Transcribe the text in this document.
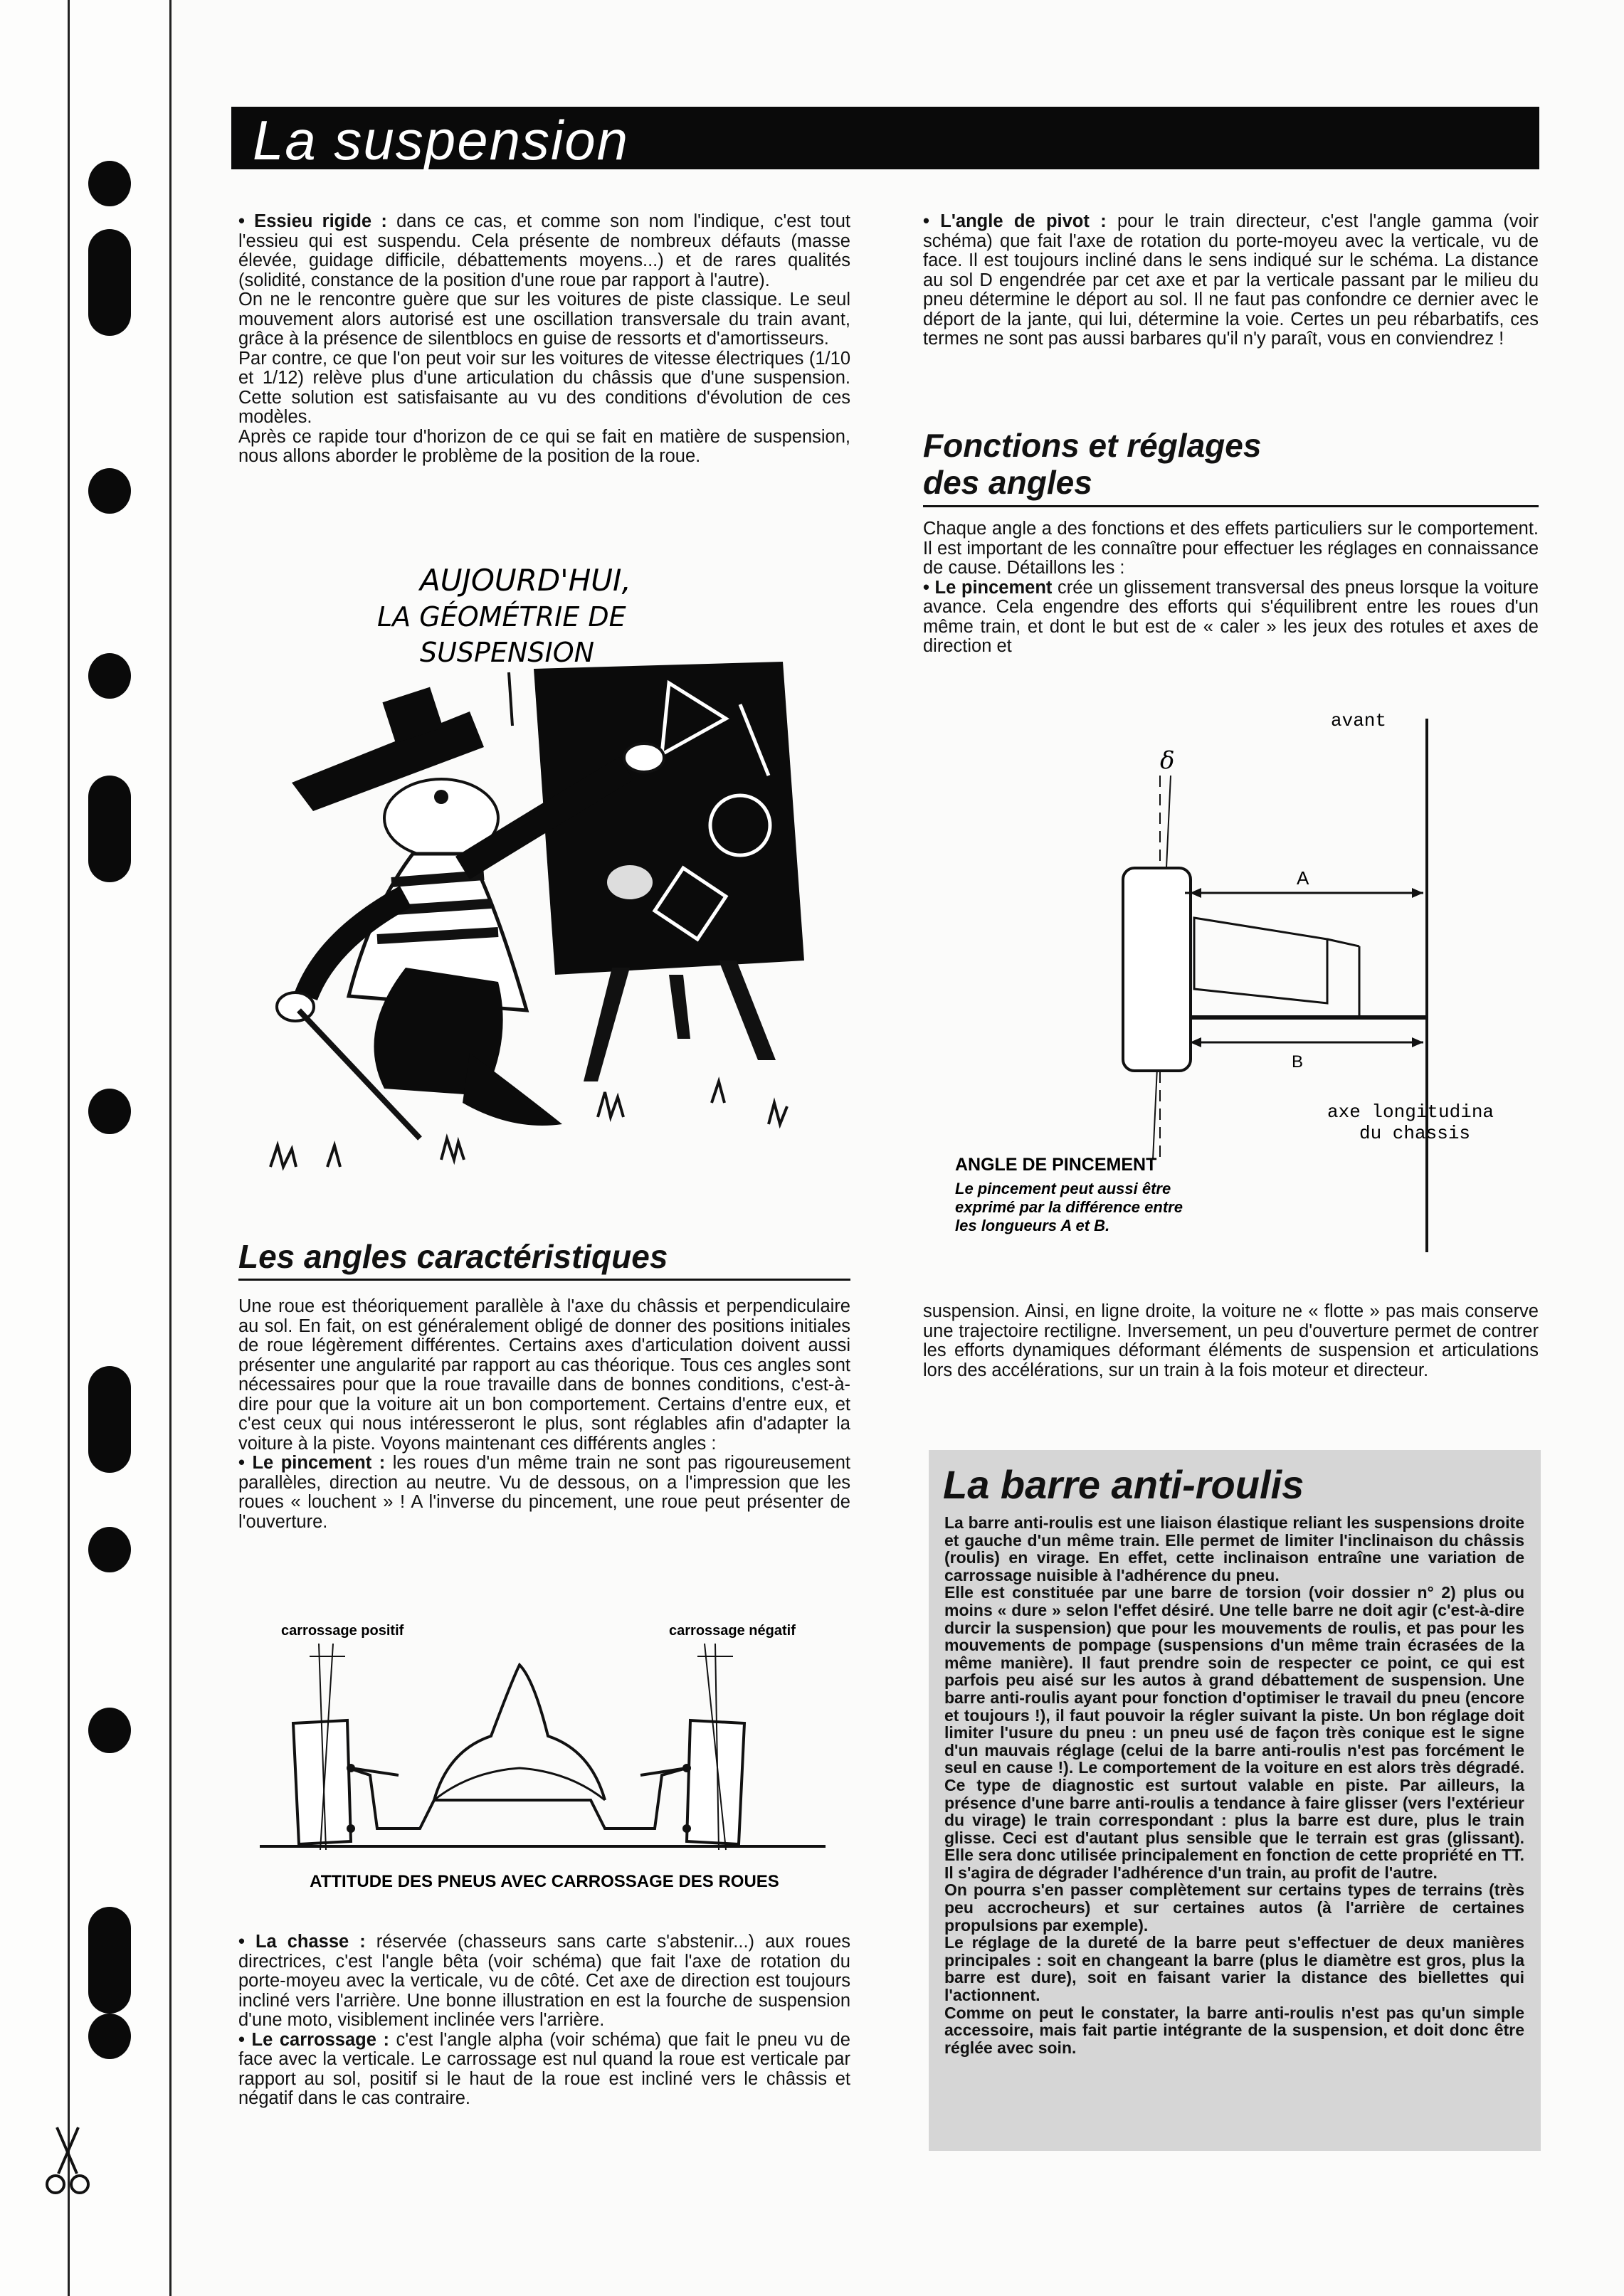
La suspension

• Essieu rigide : dans ce cas, et comme son nom l'indique, c'est tout l'essieu qui est suspendu. Cela présente de nombreux défauts (masse élevée, guidage difficile, débattements moyens...) et de rares qualités (solidité, constance de la position d'une roue par rapport à l'autre).

On ne le rencontre guère que sur les voitures de piste classique. Le seul mouvement alors autorisé est une oscillation transversale du train avant, grâce à la présence de silentblocs en guise de ressorts et d'amortisseurs.

Par contre, ce que l'on peut voir sur les voitures de vitesse électriques (1/10 et 1/12) relève plus d'une articulation du châssis que d'une suspension. Cette solution est satisfaisante au vu des conditions d'évolution de ces modèles.

Après ce rapide tour d'horizon de ce qui se fait en matière de suspension, nous allons aborder le problème de la position de la roue.

AUJOURD'HUI,
LA GÉOMÉTRIE DE
SUSPENSION
Les angles caractéristiques

Une roue est théoriquement parallèle à l'axe du châssis et perpendiculaire au sol. En fait, on est généralement obligé de donner des positions initiales de roue légèrement différentes. Certains axes d'articulation doivent aussi présenter une angularité par rapport au cas théorique. Tous ces angles sont nécessaires pour que la roue travaille dans de bonnes conditions, c'est-à-dire pour que la voiture ait un bon comportement. Certains d'entre eux, et c'est ceux qui nous intéresseront le plus, sont réglables afin d'adapter la voiture à la piste. Voyons maintenant ces différents angles :

• Le pincement : les roues d'un même train ne sont pas rigoureusement parallèles, direction au neutre. Vu de dessous, on a l'impression que les roues « louchent » ! A l'inverse du pincement, une roue peut présenter de l'ouverture.

carrossage positif	carrossage négatif
ATTITUDE DES PNEUS AVEC CARROSSAGE DES ROUES

• La chasse : réservée (chasseurs sans carte s'abstenir...) aux roues directrices, c'est l'angle bêta (voir schéma) que fait l'axe de rotation du porte-moyeu avec la verticale, vu de côté. Cet axe de direction est toujours incliné vers l'arrière. Une bonne illustration en est la fourche de suspension d'une moto, visiblement inclinée vers l'arrière.

• Le carrossage : c'est l'angle alpha (voir schéma) que fait le pneu vu de face avec la verticale. Le carrossage est nul quand la roue est verticale par rapport au sol, positif si le haut de la roue est incliné vers le châssis et négatif dans le cas contraire.

• L'angle de pivot : pour le train directeur, c'est l'angle gamma (voir schéma) que fait l'axe de rotation du porte-moyeu avec la verticale, vu de face. Il est toujours incliné dans le sens indiqué sur le schéma. La distance au sol D engendrée par cet axe et par la verticale passant par le milieu du pneu détermine le déport au sol. Il ne faut pas confondre ce dernier avec le déport de la jante, qui lui, détermine la voie. Certes un peu rébarbatifs, ces termes ne sont pas aussi barbares qu'il n'y paraît, vous en conviendrez !

Fonctions et réglages
des angles

Chaque angle a des fonctions et des effets particuliers sur le comportement. Il est important de les connaître pour effectuer les réglages en connaissance de cause. Détaillons les :

• Le pincement crée un glissement transversal des pneus lorsque la voiture avance. Cela engendre des efforts qui s'équilibrent entre les roues d'un même train, et dont le but est de « caler » les jeux des rotules et axes de direction et

avant
δ
A
B
axe longitudina
du chassis
ANGLE DE PINCEMENT
Le pincement peut aussi être
exprimé par la différence entre
les longueurs A et B.

suspension. Ainsi, en ligne droite, la voiture ne « flotte » pas mais conserve une trajectoire rectiligne. Inversement, un peu d'ouverture permet de contrer les efforts dynamiques déformant éléments de suspension et articulations lors des accélérations, sur un train à la fois moteur et directeur.

La barre anti-roulis

La barre anti-roulis est une liaison élastique reliant les suspensions droite et gauche d'un même train. Elle permet de limiter l'inclinaison du châssis (roulis) en virage. En effet, cette inclinaison entraîne une variation de carrossage nuisible à l'adhérence du pneu.

Elle est constituée par une barre de torsion (voir dossier n° 2) plus ou moins « dure » selon l'effet désiré. Une telle barre ne doit agir (c'est-à-dire durcir la suspension) que pour les mouvements de roulis, et pas pour les mouvements de pompage (suspensions d'un même train écrasées de la même manière). Il faut prendre soin de respecter ce point, ce qui est parfois peu aisé sur les autos à grand débattement de suspension. Une barre anti-roulis ayant pour fonction d'optimiser le travail du pneu (encore et toujours !), il faut pouvoir la régler suivant la piste. Un bon réglage doit limiter l'usure du pneu : un pneu usé de façon très conique est le signe d'un mauvais réglage (celui de la barre anti-roulis n'est pas forcément le seul en cause !). Le comportement de la voiture en est alors très dégradé. Ce type de diagnostic est surtout valable en piste. Par ailleurs, la présence d'une barre anti-roulis a tendance à faire glisser (vers l'extérieur du virage) le train correspondant : plus la barre est dure, plus le train glisse. Ceci est d'autant plus sensible que le terrain est gras (glissant). Elle sera donc utilisée principalement en fonction de cette propriété en TT. Il s'agira de dégrader l'adhérence d'un train, au profit de l'autre.

On pourra s'en passer complètement sur certains types de terrains (très peu accrocheurs) et sur certaines autos (à l'arrière de certaines propulsions par exemple).

Le réglage de la dureté de la barre peut s'effectuer de deux manières principales : soit en changeant la barre (plus le diamètre est gros, plus la barre est dure), soit en faisant varier la distance des biellettes qui l'actionnent.

Comme on peut le constater, la barre anti-roulis n'est pas qu'un simple accessoire, mais fait partie intégrante de la suspension, et doit donc être réglée avec soin.
